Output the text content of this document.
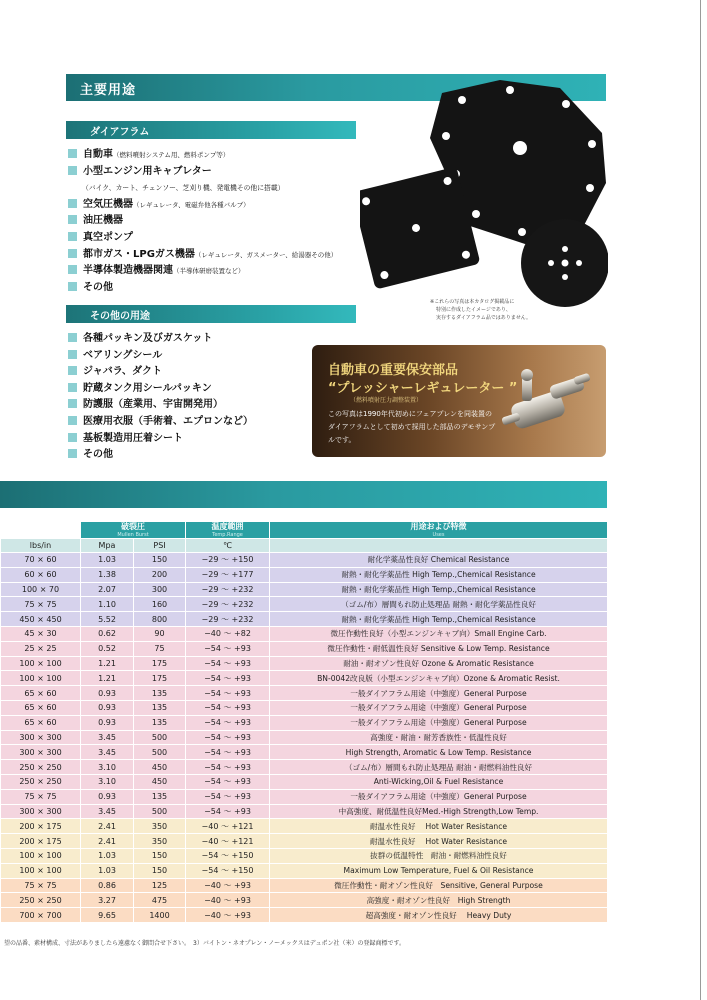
主要用途
ダイアフラム
自動車（燃料噴射システム用、燃料ポンプ等）
小型エンジン用キャブレター
（バイク、カート、チェンソー、芝刈り機、発電機その他に搭載）
空気圧機器（レギュレータ、電磁弁他各種バルブ）
油圧機器
真空ポンプ
都市ガス・LPGガス機器（レギュレータ、ガスメーター、給湯器その他）
半導体製造機器関連（半導体研磨装置など）
その他
その他の用途
各種パッキン及びガスケット
ベアリングシール
ジャバラ、ダクト
貯蔵タンク用シールパッキン
防護服（産業用、宇宙開発用）
医療用衣服（手術着、エプロンなど）
基板製造用圧着シート
その他
※これらの写真は本カタログ掲載品に
特別に作成したイメージであり、
実存するダイアフラム品ではありません。
自動車の重要保安部品
“プレッシャーレギュレーター ”
（燃料噴射圧力調整装置）
この写真は1990年代初めにフェアプレンを同装置のダイアフラムとして初めて採用した部品のデモサンプルです。
	破裂圧
Mullen Burst		温度範囲
Temp.Range	用途および特徴
Uses

lbs/in	Mpa	PSI	℃	
70 × 60	1.03	150	−29 〜 +150	耐化学薬品性良好 Chemical Resistance
60 × 60	1.38	200	−29 〜 +177	耐熱・耐化学薬品性 High Temp.,Chemical Resistance
100 × 70	2.07	300	−29 〜 +232	耐熱・耐化学薬品性 High Temp.,Chemical Resistance
75 × 75	1.10	160	−29 〜 +232	（ゴム/布）層間もれ防止処理品 耐熱・耐化学薬品性良好
450 × 450	5.52	800	−29 〜 +232	耐熱・耐化学薬品性 High Temp.,Chemical Resistance
45 × 30	0.62	90	−40 〜 +82	微圧作動性良好（小型エンジンキャブ向）Small Engine Carb.
25 × 25	0.52	75	−54 〜 +93	微圧作動性・耐低温性良好 Sensitive & Low Temp. Resistance
100 × 100	1.21	175	−54 〜 +93	耐油・耐オゾン性良好 Ozone & Aromatic Resistance
100 × 100	1.21	175	−54 〜 +93	BN-0042改良版（小型エンジンキャブ向）Ozone & Aromatic Resist.
65 × 60	0.93	135	−54 〜 +93	一般ダイアフラム用途（中強度）General Purpose
65 × 60	0.93	135	−54 〜 +93	一般ダイアフラム用途（中強度）General Purpose
65 × 60	0.93	135	−54 〜 +93	一般ダイアフラム用途（中強度）General Purpose
300 × 300	3.45	500	−54 〜 +93	高強度・耐油・耐芳香族性・低温性良好
300 × 300	3.45	500	−54 〜 +93	High Strength, Aromatic & Low Temp. Resistance
250 × 250	3.10	450	−54 〜 +93	（ゴム/布）層間もれ防止処理品 耐油・耐燃料油性良好
250 × 250	3.10	450	−54 〜 +93	Anti-Wicking,Oil & Fuel Resistance
75 × 75	0.93	135	−54 〜 +93	一般ダイアフラム用途（中強度）General Purpose
300 × 300	3.45	500	−54 〜 +93	中高強度、耐低温性良好Med.-High Strength,Low Temp.
200 × 175	2.41	350	−40 〜 +121	耐温水性良好　 Hot Water Resistance
200 × 175	2.41	350	−40 〜 +121	耐温水性良好　 Hot Water Resistance
100 × 100	1.03	150	−54 〜 +150	抜群の低温特性　耐油・耐燃料油性良好
100 × 100	1.03	150	−54 〜 +150	Maximum Low Temperature, Fuel & Oil Resistance
75 × 75	0.86	125	−40 〜 +93	微圧作動性・耐オゾン性良好　Sensitive, General Purpose
250 × 250	3.27	475	−40 〜 +93	高強度・耐オゾン性良好　High Strength
700 × 700	9.65	1400	−40 〜 +93	超高強度・耐オゾン性良好　 Heavy Duty
望の品番、素材構成、寸法がありましたら遠慮なく御問合せ下さい。　3）バイトン・ネオプレン・ノーメックスはデュポン社（米）の登録商標です。
